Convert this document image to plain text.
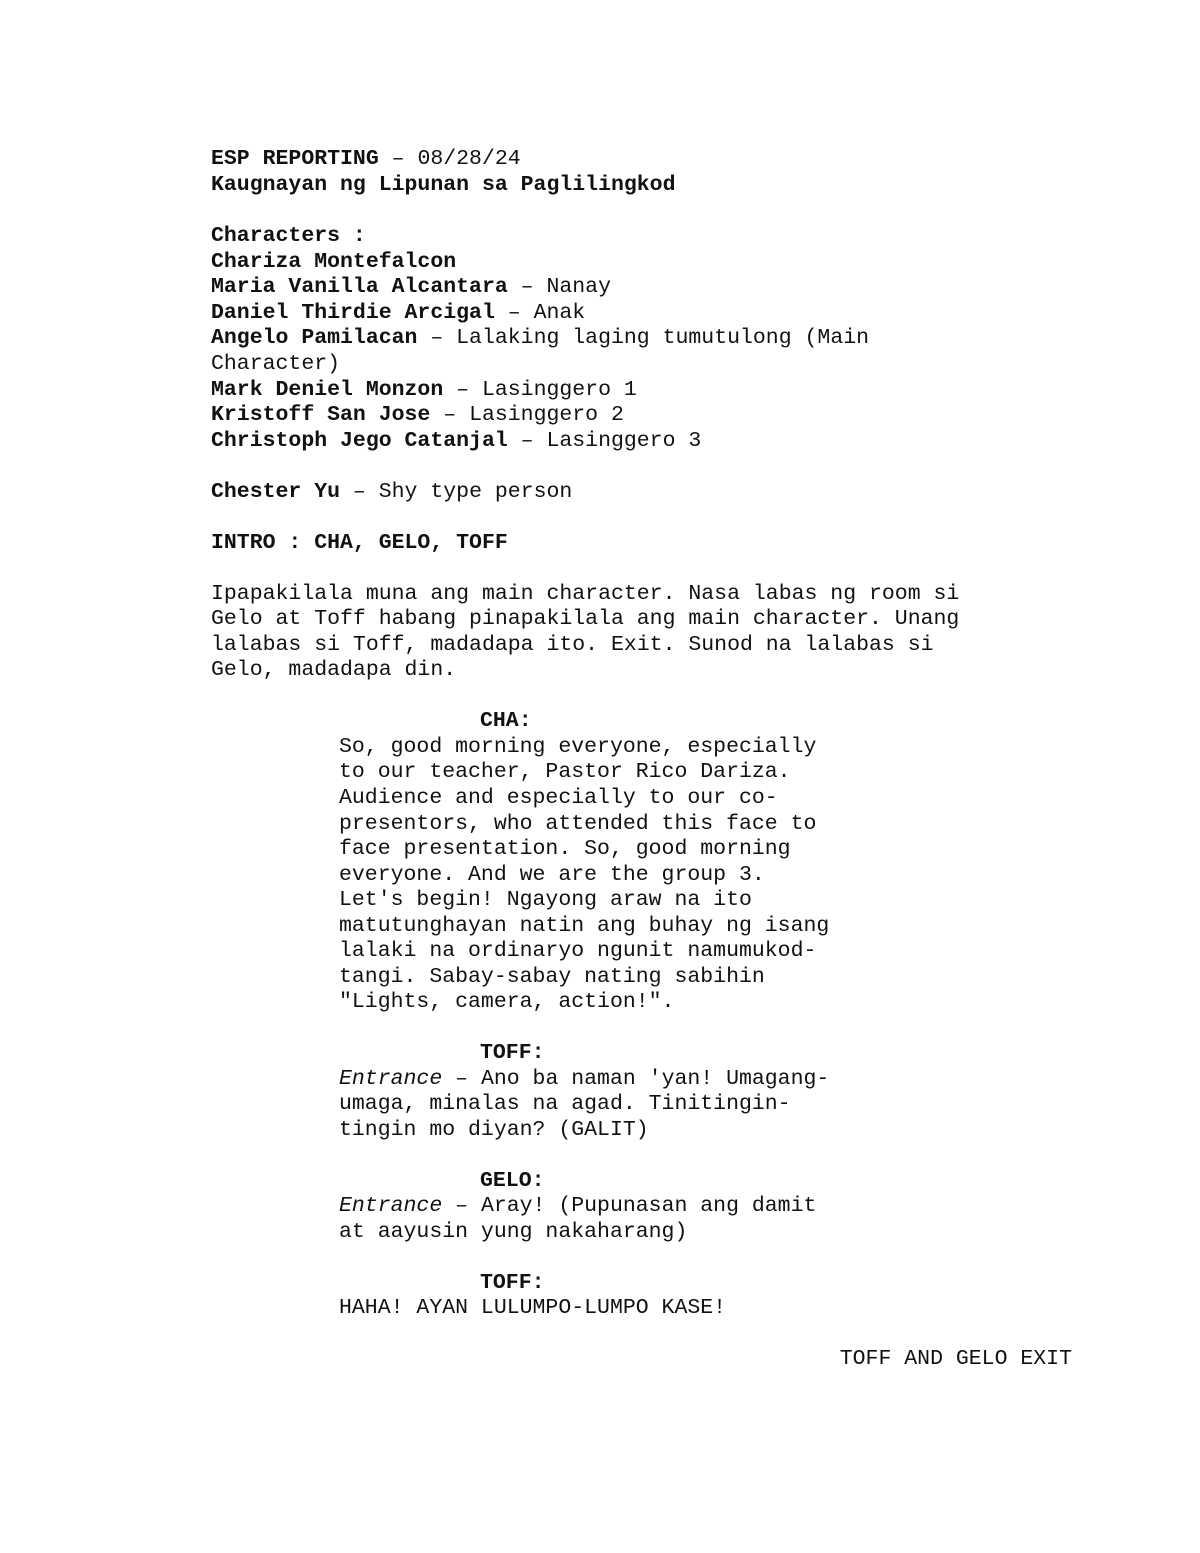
ESP REPORTING – 08/28/24
Kaugnayan ng Lipunan sa Paglilingkod
Characters :
Chariza Montefalcon
Maria Vanilla Alcantara – Nanay
Daniel Thirdie Arcigal – Anak
Angelo Pamilacan – Lalaking laging tumutulong (Main
Character)
Mark Deniel Monzon – Lasinggero 1
Kristoff San Jose – Lasinggero 2
Christoph Jego Catanjal – Lasinggero 3
Chester Yu – Shy type person
INTRO : CHA, GELO, TOFF
Ipapakilala muna ang main character. Nasa labas ng room si
Gelo at Toff habang pinapakilala ang main character. Unang
lalabas si Toff, madadapa ito. Exit. Sunod na lalabas si
Gelo, madadapa din.
CHA:
So, good morning everyone, especially
to our teacher, Pastor Rico Dariza.
Audience and especially to our co-
presentors, who attended this face to
face presentation. So, good morning
everyone. And we are the group 3.
Let's begin! Ngayong araw na ito
matutunghayan natin ang buhay ng isang
lalaki na ordinaryo ngunit namumukod-
tangi. Sabay-sabay nating sabihin
"Lights, camera, action!".
TOFF:
Entrance – Ano ba naman 'yan! Umagang-
umaga, minalas na agad. Tinitingin-
tingin mo diyan? (GALIT)
GELO:
Entrance – Aray! (Pupunasan ang damit
at aayusin yung nakaharang)
TOFF:
HAHA! AYAN LULUMPO-LUMPO KASE!
TOFF AND GELO EXIT
